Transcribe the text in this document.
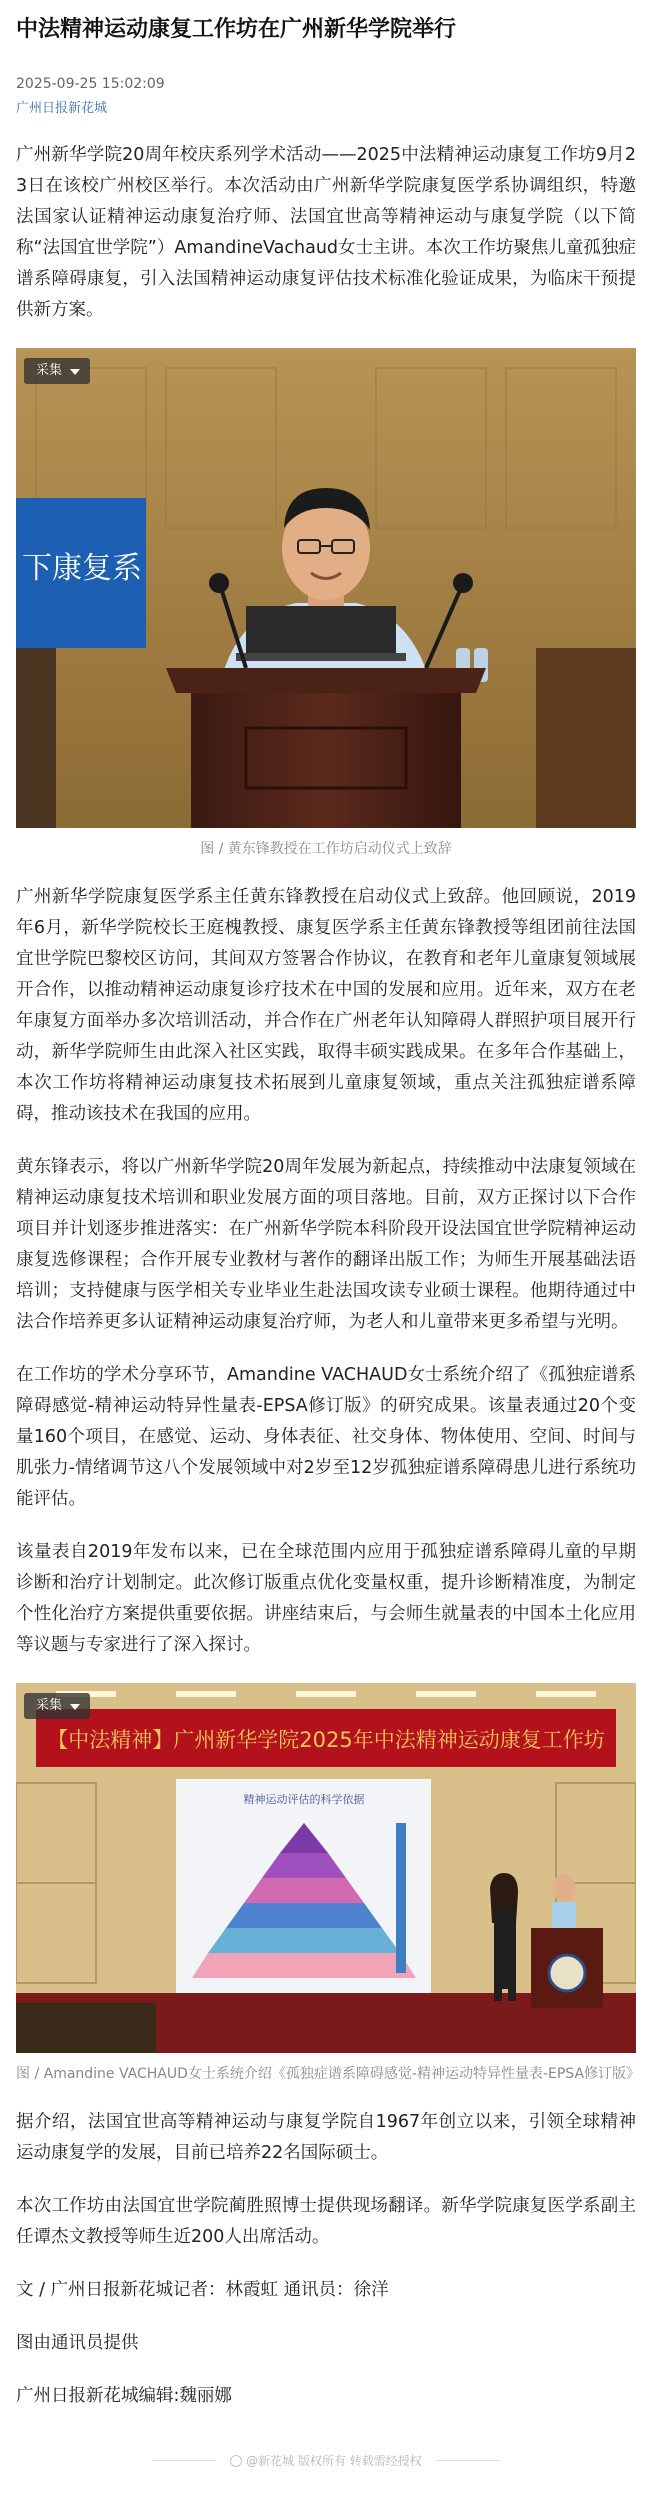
中法精神运动康复工作坊在广州新华学院举行
2025-09-25 15:02:09
广州日报新花城

广州新华学院20周年校庆系列学术活动——2025中法精神运动康复工作坊9月23日在该校广州校区举行。本次活动由广州新华学院康复医学系协调组织，特邀法国家认证精神运动康复治疗师、法国宜世高等精神运动与康复学院（以下简称“法国宜世学院”）AmandineVachaud女士主讲。本次工作坊聚焦儿童孤独症谱系障碍康复，引入法国精神运动康复评估技术标准化验证成果，为临床干预提供新方案。

下康复系
采集
图 / 黄东锋教授在工作坊启动仪式上致辞

广州新华学院康复医学系主任黄东锋教授在启动仪式上致辞。他回顾说，2019年6月，新华学院校长王庭槐教授、康复医学系主任黄东锋教授等组团前往法国宜世学院巴黎校区访问，其间双方签署合作协议，在教育和老年儿童康复领域展开合作，以推动精神运动康复诊疗技术在中国的发展和应用。近年来，双方在老年康复方面举办多次培训活动，并合作在广州老年认知障碍人群照护项目展开行动，新华学院师生由此深入社区实践，取得丰硕实践成果。在多年合作基础上，本次工作坊将精神运动康复技术拓展到儿童康复领域，重点关注孤独症谱系障碍，推动该技术在我国的应用。

黄东锋表示，将以广州新华学院20周年发展为新起点，持续推动中法康复领域在精神运动康复技术培训和职业发展方面的项目落地。目前，双方正探讨以下合作项目并计划逐步推进落实：在广州新华学院本科阶段开设法国宜世学院精神运动康复选修课程；合作开展专业教材与著作的翻译出版工作；为师生开展基础法语培训；支持健康与医学相关专业毕业生赴法国攻读专业硕士课程。他期待通过中法合作培养更多认证精神运动康复治疗师，为老人和儿童带来更多希望与光明。

在工作坊的学术分享环节，Amandine VACHAUD女士系统介绍了《孤独症谱系障碍感觉-精神运动特异性量表-EPSA修订版》的研究成果。该量表通过20个变量160个项目，在感觉、运动、身体表征、社交身体、物体使用、空间、时间与肌张力-情绪调节这八个发展领域中对2岁至12岁孤独症谱系障碍患儿进行系统功能评估。

该量表自2019年发布以来，已在全球范围内应用于孤独症谱系障碍儿童的早期诊断和治疗计划制定。此次修订版重点优化变量权重，提升诊断精准度，为制定个性化治疗方案提供重要依据。讲座结束后，与会师生就量表的中国本土化应用等议题与专家进行了深入探讨。

【中法精神】广州新华学院2025年中法精神运动康复工作坊
精神运动评估的科学依据
采集
图 / Amandine VACHAUD女士系统介绍《孤独症谱系障碍感觉-精神运动特异性量表-EPSA修订版》

据介绍，法国宜世高等精神运动与康复学院自1967年创立以来，引领全球精神运动康复学的发展，目前已培养22名国际硕士。

本次工作坊由法国宜世学院蔺胜照博士提供现场翻译。新华学院康复医学系副主任谭杰文教授等师生近200人出席活动。

文 / 广州日报新花城记者：林霞虹 通讯员：徐洋

图由通讯员提供

广州日报新花城编辑:魏丽娜

@新花城 版权所有 转载需经授权
